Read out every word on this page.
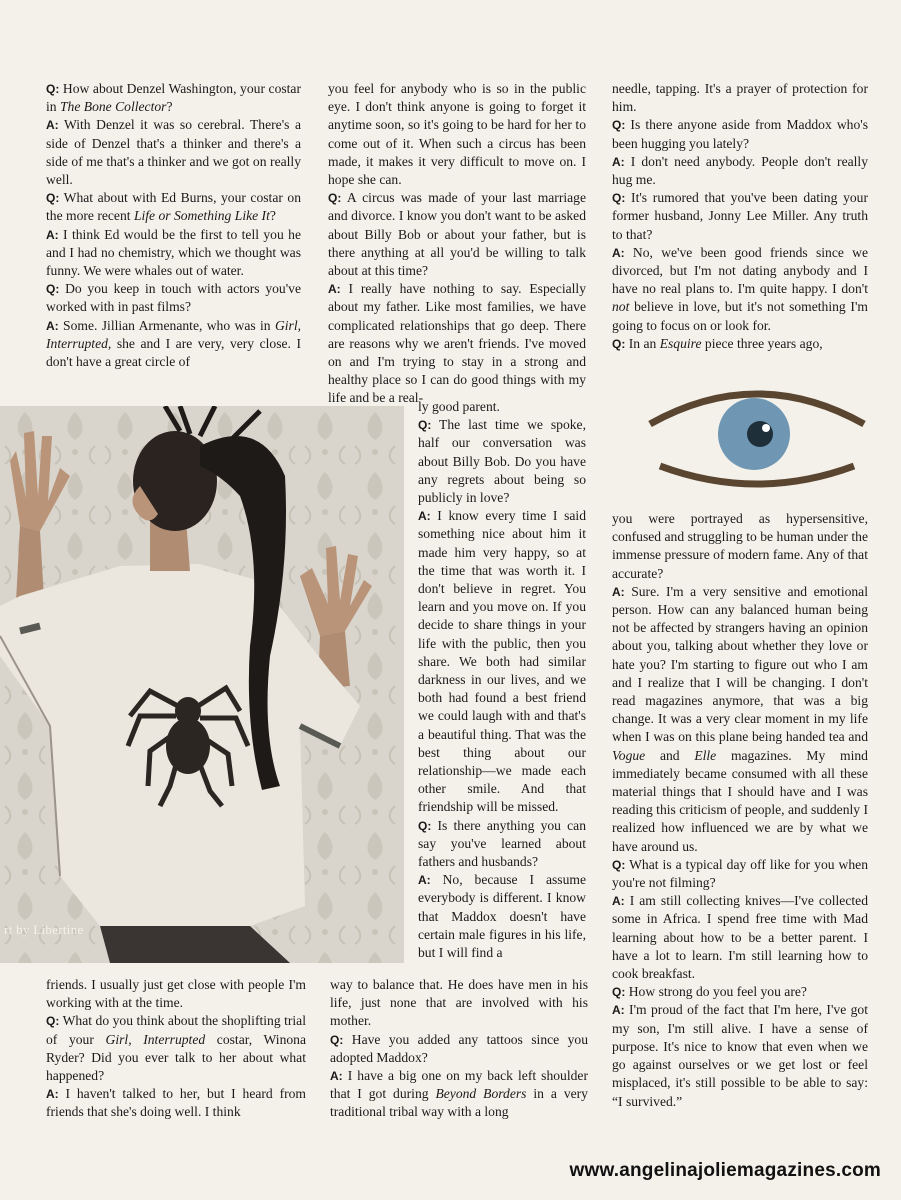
Q: How about Denzel Washington, your costar in The Bone Collector?

A: With Denzel it was so cerebral. There's a side of Denzel that's a thinker and there's a side of me that's a thinker and we got on really well.

Q: What about with Ed Burns, your costar on the more recent Life or Something Like It?

A: I think Ed would be the first to tell you he and I had no chemistry, which we thought was funny. We were whales out of water.

Q: Do you keep in touch with actors you've worked with in past films?

A: Some. Jillian Armenante, who was in Girl, Interrupted, she and I are very, very close. I don't have a great circle of

friends. I usually just get close with people I'm working with at the time.

Q: What do you think about the shoplifting trial of your Girl, Interrupted costar, Winona Ryder? Did you ever talk to her about what happened?

A: I haven't talked to her, but I heard from friends that she's doing well. I think

you feel for anybody who is so in the public eye. I don't think anyone is going to forget it anytime soon, so it's going to be hard for her to come out of it. When such a circus has been made, it makes it very difficult to move on. I hope she can.

Q: A circus was made of your last marriage and divorce. I know you don't want to be asked about Billy Bob or about your father, but is there anything at all you'd be willing to talk about at this time?

A: I really have nothing to say. Especially about my father. Like most families, we have complicated relationships that go deep. There are reasons why we aren't friends. I've moved on and I'm trying to stay in a strong and healthy place so I can do good things with my life and be a real-

ly good parent.

Q: The last time we spoke, half our conversation was about Billy Bob. Do you have any regrets about being so publicly in love?

A: I know every time I said something nice about him it made him very happy, so at the time that was worth it. I don't believe in regret. You learn and you move on. If you decide to share things in your life with the public, then you share. We both had similar darkness in our lives, and we both had found a best friend we could laugh with and that's a beautiful thing. That was the best thing about our relationship—we made each other smile. And that friendship will be missed.

Q: Is there anything you can say you've learned about fathers and husbands?

A: No, because I assume everybody is different. I know that Maddox doesn't have certain male figures in his life, but I will find a

way to balance that. He does have men in his life, just none that are involved with his mother.

Q: Have you added any tattoos since you adopted Maddox?

A: I have a big one on my back left shoulder that I got during Beyond Borders in a very traditional tribal way with a long

needle, tapping. It's a prayer of protection for him.

Q: Is there anyone aside from Maddox who's been hugging you lately?

A: I don't need anybody. People don't really hug me.

Q: It's rumored that you've been dating your former husband, Jonny Lee Miller. Any truth to that?

A: No, we've been good friends since we divorced, but I'm not dating anybody and I have no real plans to. I'm quite happy. I don't not believe in love, but it's not something I'm going to focus on or look for.

Q: In an Esquire piece three years ago,

you were portrayed as hypersensitive, confused and struggling to be human under the immense pressure of modern fame. Any of that accurate?

A: Sure. I'm a very sensitive and emotional person. How can any balanced human being not be affected by strangers having an opinion about you, talking about whether they love or hate you? I'm starting to figure out who I am and I realize that I will be changing. I don't read magazines anymore, that was a big change. It was a very clear moment in my life when I was on this plane being handed tea and Vogue and Elle magazines. My mind immediately became consumed with all these material things that I should have and I was reading this criticism of people, and suddenly I realized how influenced we are by what we have around us.

Q: What is a typical day off like for you when you're not filming?

A: I am still collecting knives—I've collected some in Africa. I spend free time with Mad learning about how to be a better parent. I have a lot to learn. I'm still learning how to cook breakfast.

Q: How strong do you feel you are?

A: I'm proud of the fact that I'm here, I've got my son, I'm still alive. I have a sense of purpose. It's nice to know that even when we go against ourselves or we get lost or feel misplaced, it's still possible to be able to say: “I survived.”

rt by Libertine
www.angelinajoliemagazines.com
